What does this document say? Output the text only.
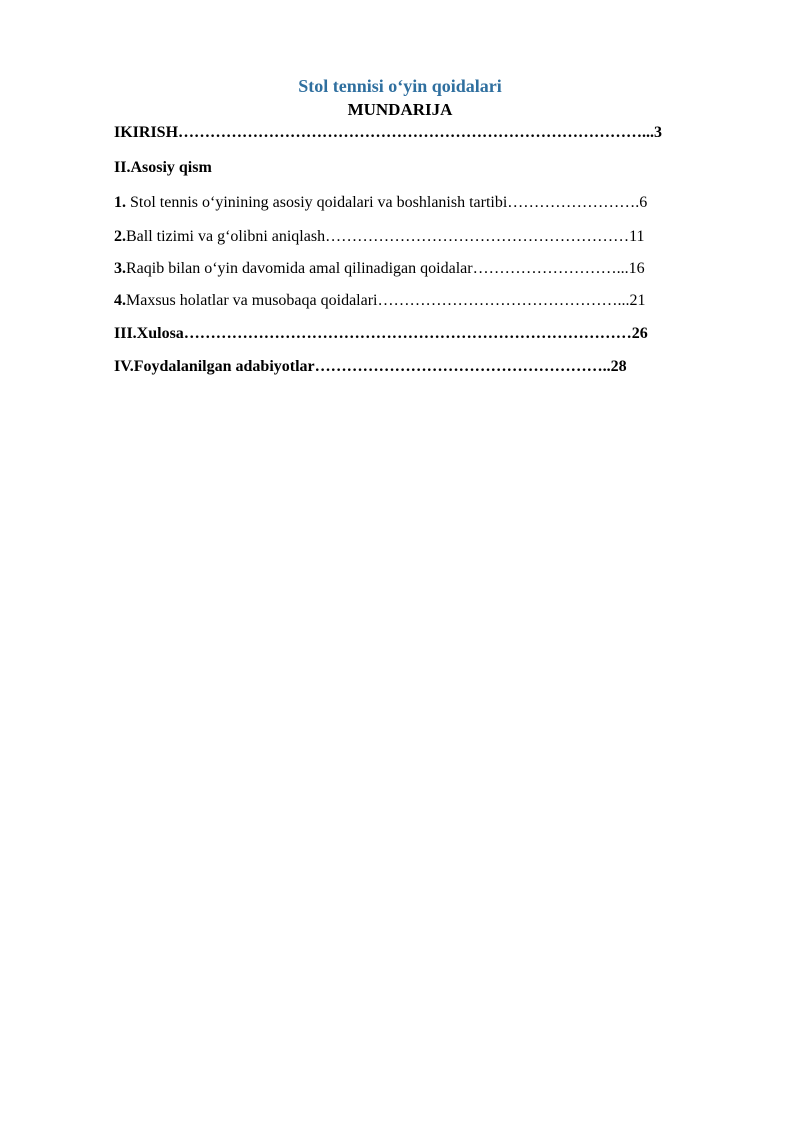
Stol tennisi o‘yin qoidalari
MUNDARIJA
IKIRISH……………………………………………………………………………...3
II.Asosiy qism
1. Stol tennis o‘yinining asosiy qoidalari va boshlanish tartibi…………………….6
2.Ball tizimi va g‘olibni aniqlash…………………………………………………11
3.Raqib bilan o‘yin davomida amal qilinadigan qoidalar………………………...16
4.Maxsus holatlar va musobaqa qoidalari………………………………………...21
III.Xulosa…………………………………………………………………………26
IV.Foydalanilgan adabiyotlar………………………………………………..28
